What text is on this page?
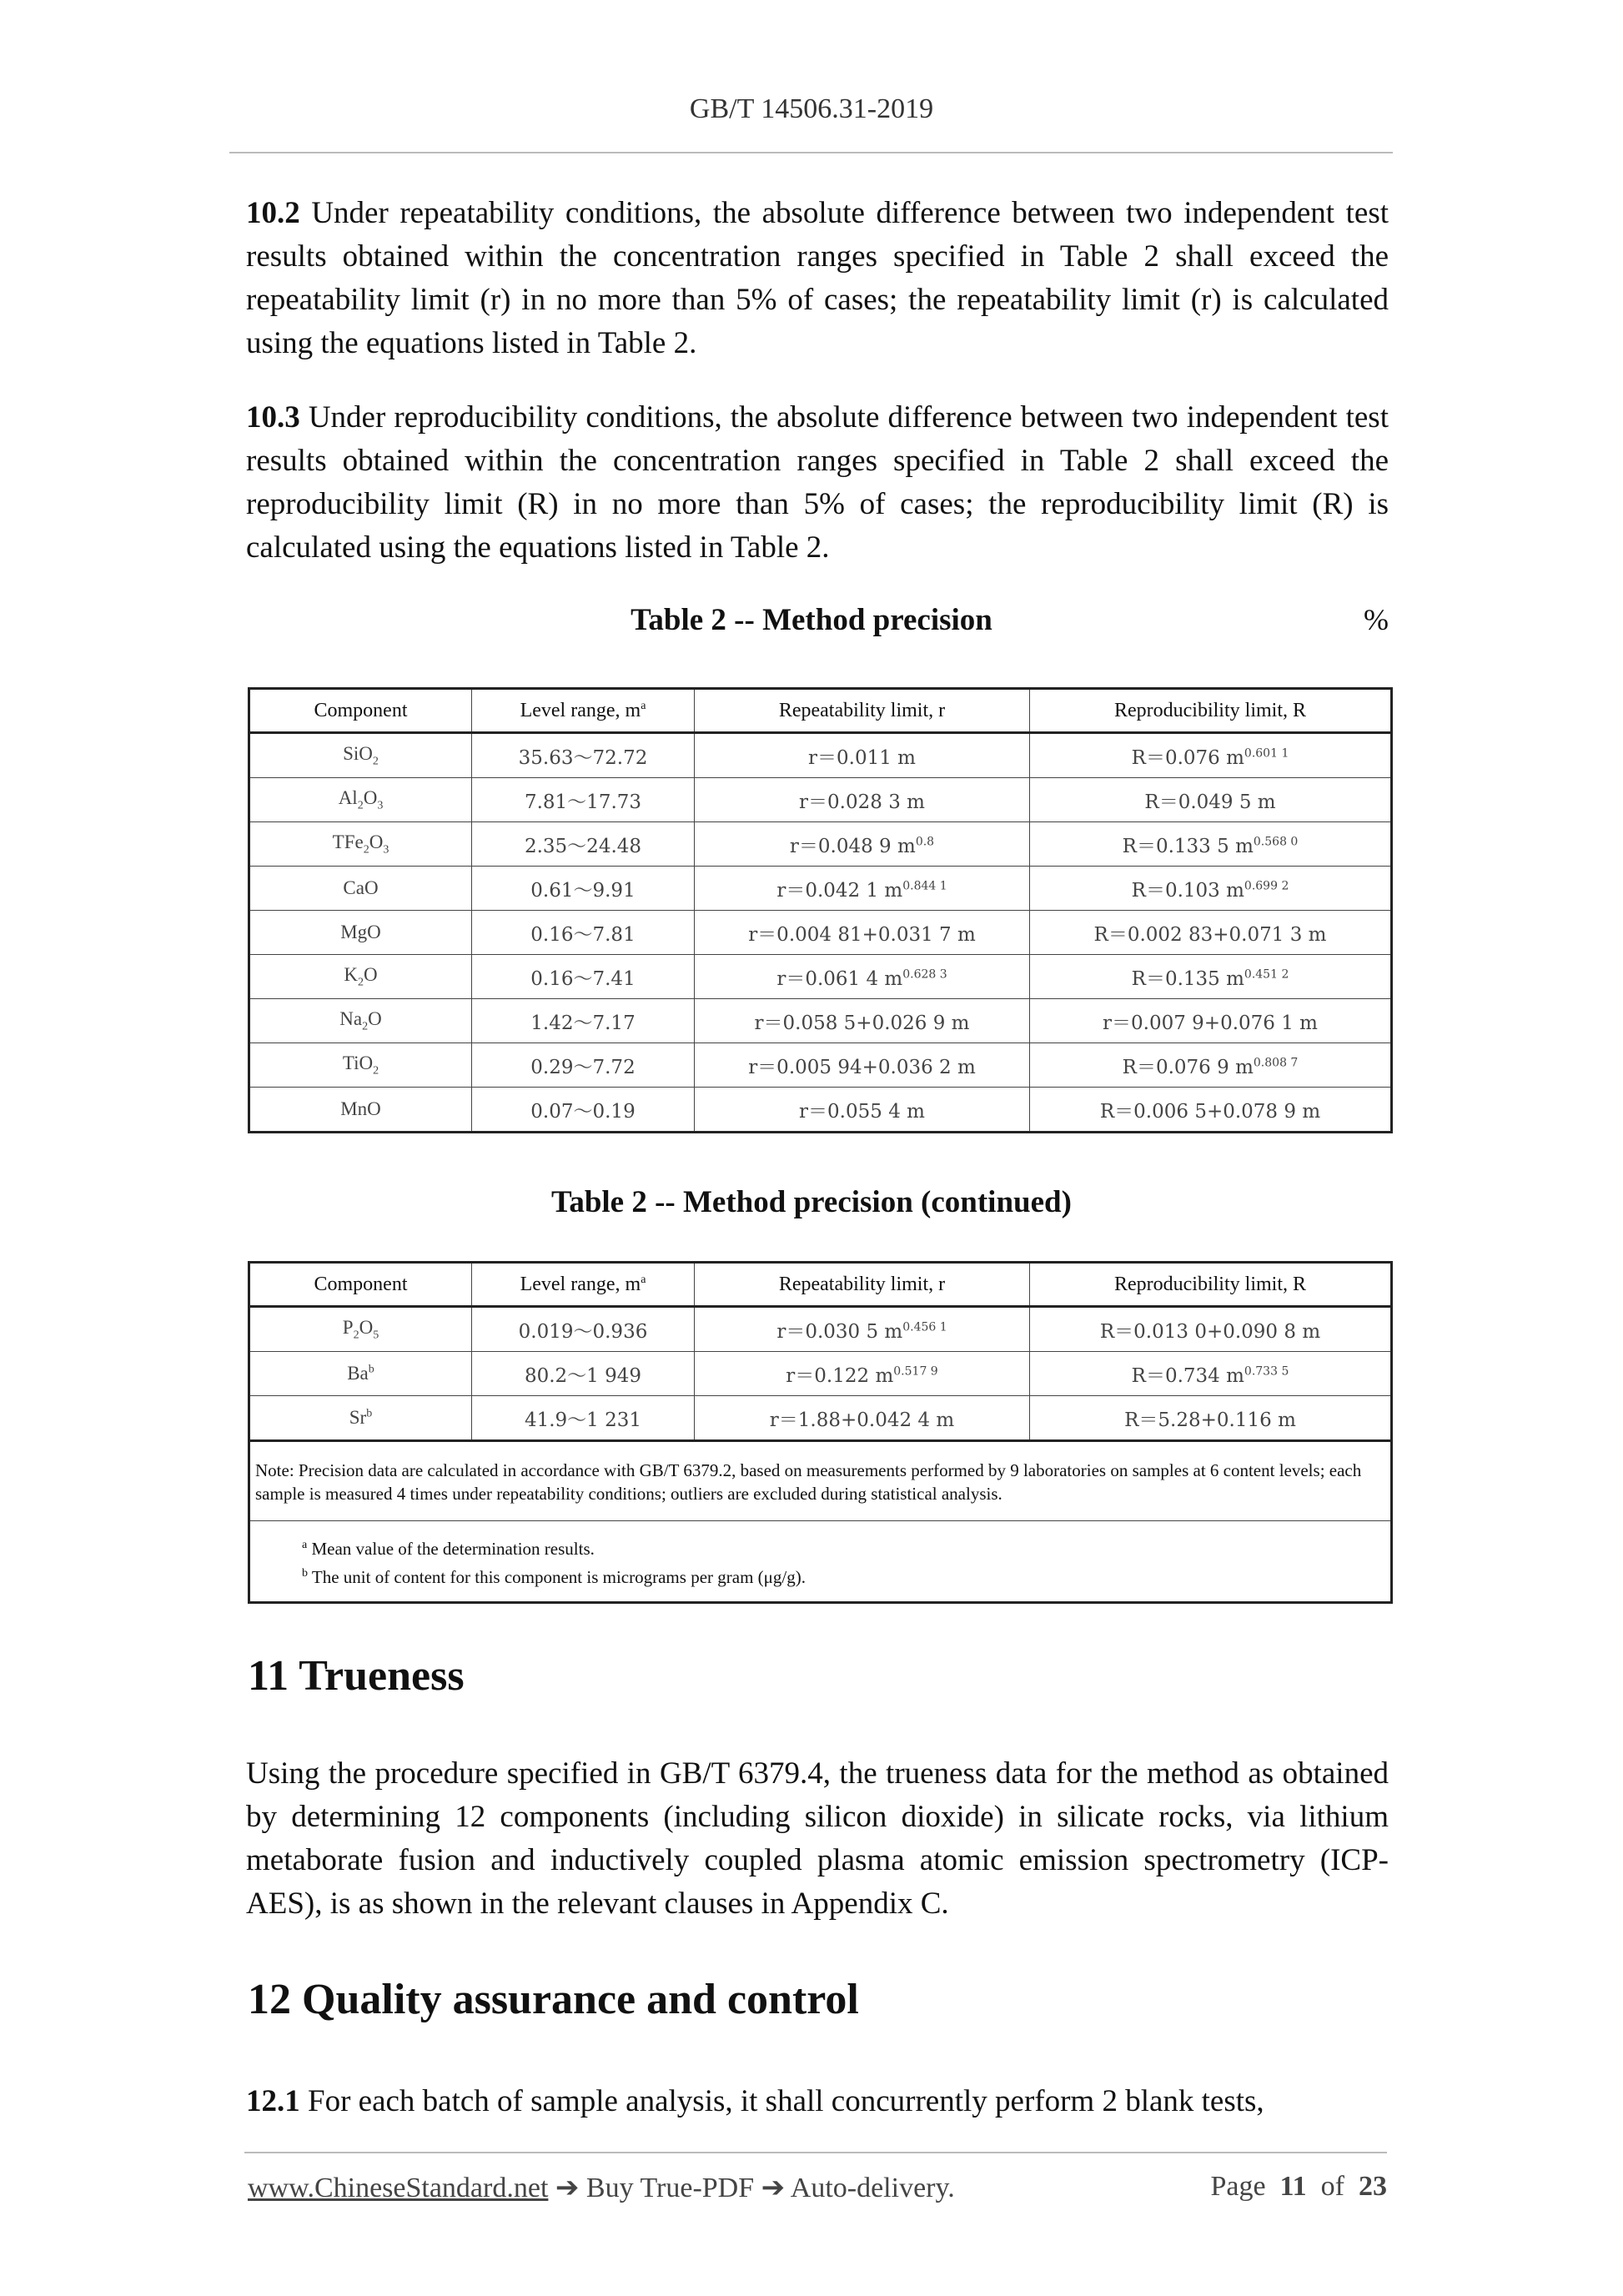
GB/T 14506.31-2019
10.2 Under repeatability conditions, the absolute difference between two independent test results obtained within the concentration ranges specified in Table 2 shall exceed the repeatability limit (r) in no more than 5% of cases; the repeatability limit (r) is calculated using the equations listed in Table 2.
10.3 Under reproducibility conditions, the absolute difference between two independent test results obtained within the concentration ranges specified in Table 2 shall exceed the reproducibility limit (R) in no more than 5% of cases; the reproducibility limit (R) is calculated using the equations listed in Table 2.
Table 2 -- Method precision	%
Component	Level range, $m^a$	Repeatability limit, r	Reproducibility limit, R
SiO$_2$	35.63～72.72	r＝0.011 m	R＝0.076 $m^{0.601 1}$
$Al_2O_3$	7.81～17.73	r＝0.028 3 m	R＝0.049 5 m
$TFe_2O_3$	2.35～24.48	r＝0.048 9 $m^{0.8}$	R＝0.133 5 $m^{0.568 0}$
CaO	0.61～9.91	r＝0.042 1 $m^{0.844 1}$	R＝0.103 $m^{0.699 2}$
MgO	0.16～7.81	r＝0.004 81+0.031 7 m	R＝0.002 83+0.071 3 m
$K_2O$	0.16～7.41	r＝0.061 4 $m^{0.628 3}$	R＝0.135 $m^{0.451 2}$
$Na_2O$	1.42～7.17	r＝0.058 5+0.026 9 m	r＝0.007 9+0.076 1 m
TiO$_2$	0.29～7.72	r＝0.005 94+0.036 2 m	R＝0.076 9 $m^{0.808 7}$
MnO	0.07～0.19	r＝0.055 4 m	R＝0.006 5+0.078 9 m
Table 2 -- Method precision (continued)
Component	Level range, $m^a$	Repeatability limit, r	Reproducibility limit, R
$P_2O_5$	0.019～0.936	r＝0.030 5 $m^{0.456 1}$	R＝0.013 0+0.090 8 m
Ba$^b$	80.2～1 949	r＝0.122 $m^{0.517 9}$	R＝0.734 $m^{0.733 5}$
Sr$^b$	41.9～1 231	r＝1.88+0.042 4 m	R＝5.28+0.116 m
Note: Precision data are calculated in accordance with GB/T 6379.2, based on measurements performed by 9 laboratories on samples at 6 content levels; each sample is measured 4 times under repeatability conditions; outliers are excluded during statistical analysis.			

$^a$ Mean value of the determination results.
$^b$ The unit of content for this component is micrograms per gram (μg/g).			
11 Trueness
Using the procedure specified in GB/T 6379.4, the trueness data for the method as obtained by determining 12 components (including silicon dioxide) in silicate rocks, via lithium metaborate fusion and inductively coupled plasma atomic emission spectrometry (ICP-AES), is as shown in the relevant clauses in Appendix C.
12 Quality assurance and control
12.1 For each batch of sample analysis, it shall concurrently perform 2 blank tests,
www.ChineseStandard.net ➔ Buy True-PDF ➔ Auto-delivery.	Page 11 of 23
